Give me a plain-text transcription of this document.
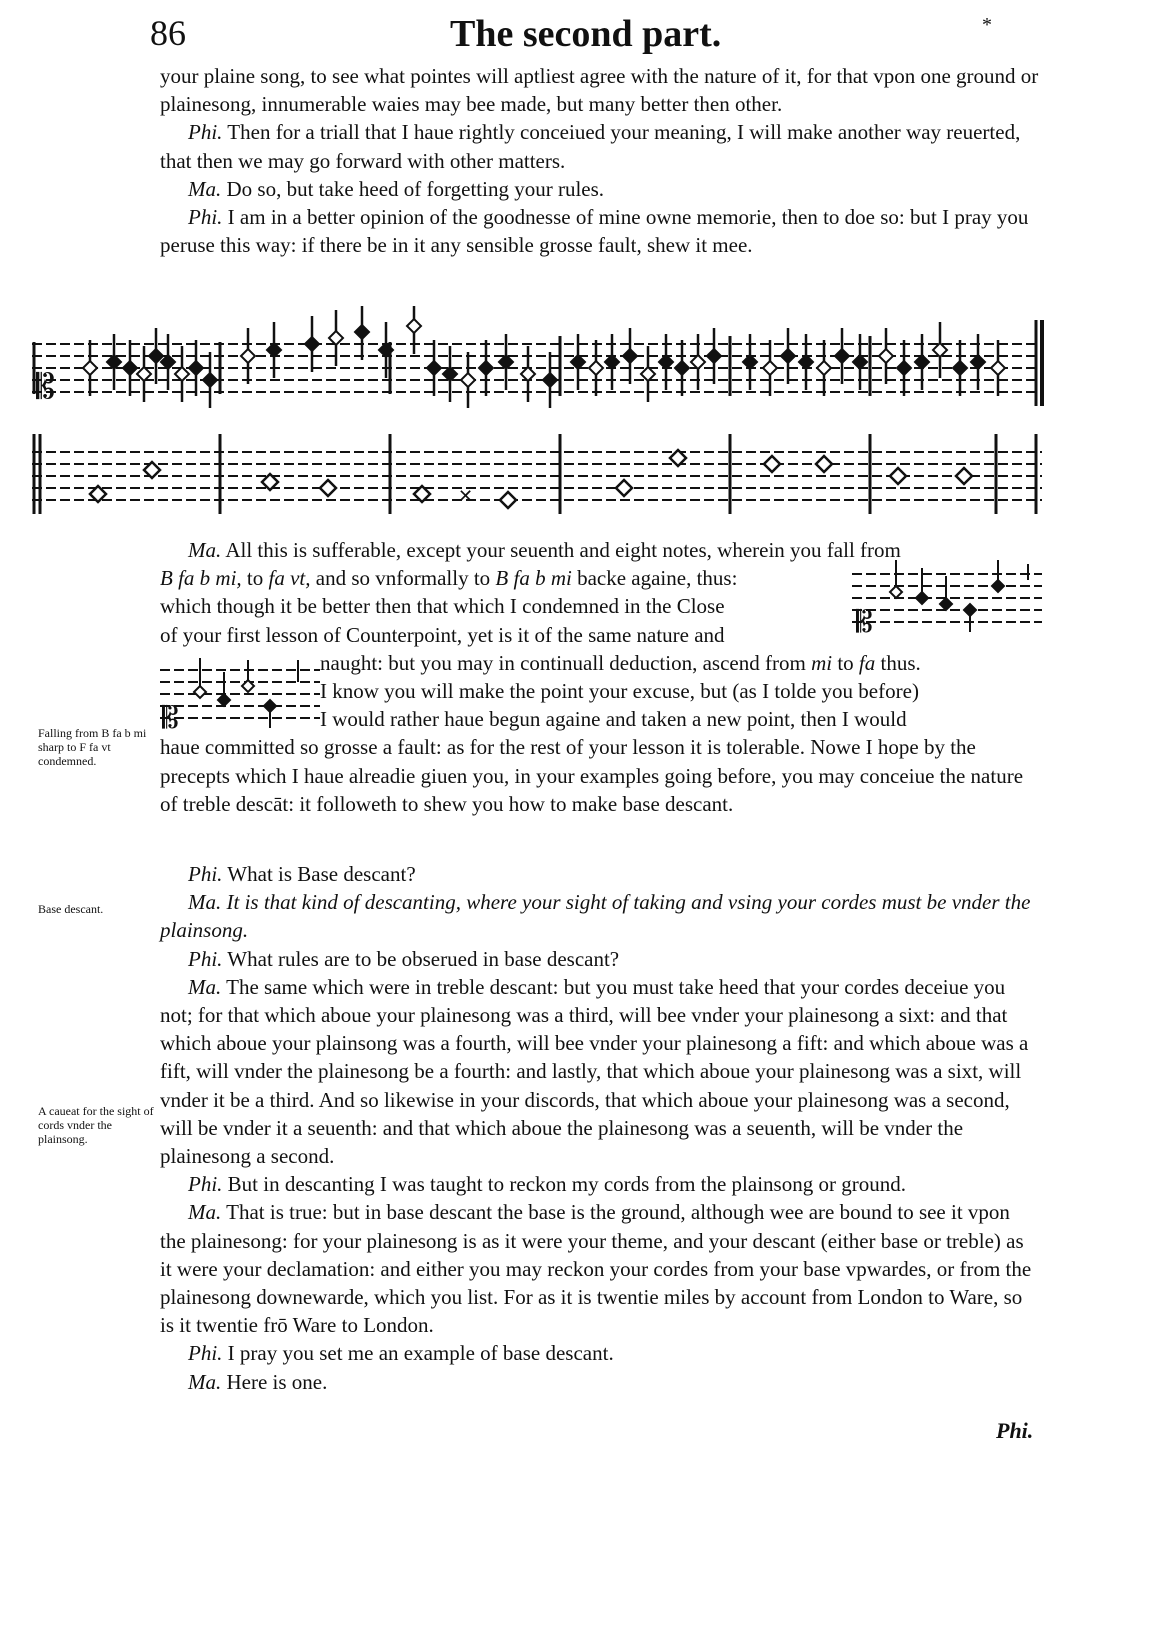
86	The second part.	*

your plaine song, to see what pointes will aptliest agree with the nature of it, for that vpon one ground or plainesong, innumerable waies may bee made, but many better then other.

Phi. Then for a triall that I haue rightly conceiued your meaning, I will make another way reuerted, that then we may go forward with other matters.

Ma. Do so, but take heed of forgetting your rules.

Phi. I am in a better opinion of the goodnesse of mine owne memorie, then to doe so: but I pray you peruse this way: if there be in it any sensible grosse fault, shew it mee.

𝄡
✕
𝄡
𝄡

Ma. All this is sufferable, except your seuenth and eight notes, wherein you fall from

B fa b mi, to fa vt, and so vnformally to B fa b mi backe againe, thus:

which though it be better then that which I condemned in the Close

of your first lesson of Counterpoint, yet is it of the same nature and

naught: but you may in continuall deduction, ascend from mi to fa thus.

I know you will make the point your excuse, but (as I tolde you before)

I would rather haue begun againe and taken a new point, then I would

haue committed so grosse a fault: as for the rest of your lesson it is tolerable. Nowe I hope by the precepts which I haue alreadie giuen you, in your examples going before, you may conceiue the nature of treble descāt: it followeth to shew you how to make base descant.

Phi. What is Base descant?

Ma. It is that kind of descanting, where your sight of taking and vsing your cordes must be vnder the plainsong.

Phi. What rules are to be obserued in base descant?

Ma. The same which were in treble descant: but you must take heed that your cordes deceiue you not; for that which aboue your plainesong was a third, will bee vnder your plainesong a sixt: and that which aboue your plainsong was a fourth, will bee vnder your plainesong a fift: and which aboue was a fift, will vnder the plainesong be a fourth: and lastly, that which aboue your plainesong was a sixt, will vnder it be a third. And so likewise in your discords, that which aboue your plainesong was a second, will be vnder it a seuenth: and that which aboue the plainesong was a seuenth, will be vnder the plainesong a second.

Phi. But in descanting I was taught to reckon my cords from the plainsong or ground.

Ma. That is true: but in base descant the base is the ground, although wee are bound to see it vpon the plainesong: for your plainesong is as it were your theme, and your descant (either base or treble) as it were your declamation: and either you may reckon your cordes from your base vpwardes, or from the plainesong downewarde, which you list. For as it is twentie miles by account from London to Ware, so is it twentie frō Ware to London.

Phi. I pray you set me an example of base descant.

Ma. Here is one.

Falling from B fa b mi sharp to F fa vt condemned.
Base descant.
A caueat for the sight of cords vnder the plainsong.
Phi.
